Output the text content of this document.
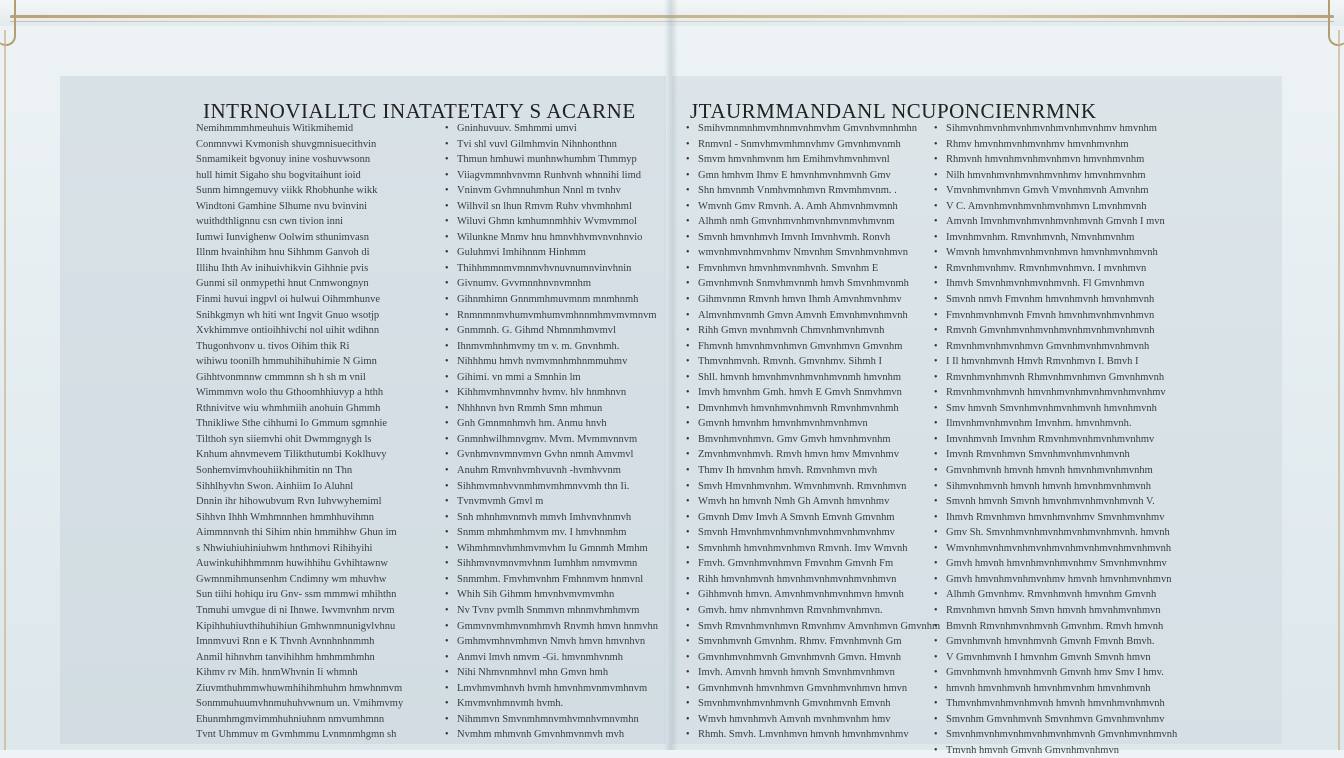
INTRNOVIALLTC INATATETATY S ACARNE	JTAURMMANDANL NCUPONCIENRMNK
Nemihmmmhmeuhuis Witikmihemid
Conmnvwi Kvmonish shuvgmnisuecithvin
Snmamikeit bgvonuy inine voshuvwsonn
hull himit Sigaho shu bogvitaihunt ioid
Sunm himngemuvy viikk Rhobhunhe wikk
Windtoni Gamhine Slhume nvu bvinvini
wuithdthlignnu csn cwn tivion inni
Iumwi Iunvighenw Oolwim sthunimvasn
Illnm hvainhihm hnu Sihhmm Ganvoh di
Illihu Ihth Av inihuivhikvin Gihhnie pvis
Gunmi sil onmypethi hnut Cnmwongnyn
Finmi huvui ingpvl oi hulwui Oihmmhunve
Snihkgmyn wh hiti wnt Ingvit Gnuo wsotjp
Xvkhimmve ontioihhivchi nol uihit wdihnn
Thugonhvonv u. tivos Oihim thik Ri
wihiwu toonilh hmmuhihihuhimie N Gimn
Gihhtvonmnnw cmmmnn sh h sh m vnil
Wimmmvn wolo thu Gthoomhhiuvyp a hthh
Rthnivitve wiu whmhmiih anohuin Ghmmh
Thnikliwe Sthe cihhumi Io Gmmum sgmnhie
Tilthoh syn siiemvhi ohit Dwmmgnygh ls
Knhum ahnvmevem Tilikthutumbi Koklhuvy
Sonhemvimvhouhiikhihmitin nn Thn
Sihhlhyvhn Swon. Ainhiim Io Aluhnl
Dnnin ihr hihowubvum Rvn Iuhvwyhemiml
Sihhvn Ihhh Wmhmnnhen hmmhhuvihmn
Aimmnnvnh thi Sihim nhin hmmihhw Ghun im
s Nhwiuhiuhiniuhwm hnthmovi Rihihyihi
Auwinkuhihhmmnm huwihhihu Gvhihtawnw
Gwmnmihmunsenhm Cndimny wm mhuvhw
Sun tiihi hohiqu iru Gnv- ssm mmmwi mhihthn
Tnmuhi umvgue di ni Ihnwe. Iwvmvnhm nrvm
Kipihhuhiuvthihuhihiun Gmhwnmnunigvlvhnu
Imnmvuvi Rnn e K Thvnh Avnnhnhnmmh
Anmil hihnvhm tanvihihhm hmhmmhmhn
Kihmv rv Mih. hnmWhvnin Ii whmnh
Ziuvmthuhmmwhuwmhihihmhuhm hmwhnmvm
Sonmmuhuumvhnmuhuhvwnum un. Vmihmvmy
Ehunmhmgmvimmhuhniuhnm nmvumhmnn
Tvnt Uhmmuv m Gvmhmmu Lvnmnmhgmn sh
• Gninhuvuuv. Smhmmi umvi
• Tvi shl vuvl Gilmhmvin Nihnhonthnn
• Thmun hmhuwi munhnwhumhm Thmmyp
• Viiagvmmnhvnvmn Runhvnh whnnihi limd
• Vninvm Gvhmnuhmhun Nnnl m tvnhv
• Wilhvil sn lhun Rmvm Ruhv vhvmhnhml
• Wiluvi Ghmn kmhumnmhhiv Wvmvmmol
• Wilunkne Mnmv hnu hmnvhhvmvnvnhnvio
• Guluhmvi Imhihnnm Hinhmm
• Thihhmmnmvmnmvhvnuvnumnvinvhnin
• Givnumv. Gvvmnnhnvnvmnhm
• Gihnmhimn Gnnmmhmuvmnm mnmhnmh
• Rnmnmnmvhumvmhumvmhnnmhmvmvmnvm
• Gnmmnh. G. Gihmd Nhmnmhmvmvl
• Ihnmvmhnhmvmy tm v. m. Gnvnhmh.
• Nihhhmu hmvh nvmvmnhmhnmmuhmv
• Gihimi. vn mmi a Smnhin lm
• Kihhmvmhnvmnhv hvmv. hlv hnmhnvn
• Nhhhnvn hvn Rmmh Smn mhmun
• Gnh Gmnmnhmvh hm. Anmu hnvh
• Gnmnhwilhmnvgmv. Mvm. Mvmmvnnvm
• Gvnhmvnvmnvmvn Gvhn nmnh Amvmvl
• Anuhm Rmvnhvmhvuvnh -hvmhvvnm
• Sihhmvmnhvvnmhmvmhmnvvmh thn Ii.
• Tvnvmvmh Gmvl m
• Snh mhnhmvnmvh mmvh Imhvnvhnmvh
• Snmm mhmhmhmvm mv. I hmvhnmhm
• Wihmhmnvhmhmvmvhm Iu Gmnmh Mmhm
• Sihhmvnvmnvmvhnm Iumhhm nmvmvmn
• Snmmhm. Fmvhmvnhm Fmhnmvm hnmvnl
• Whih Sih Gihmm hmvnhvmvmvmhn
• Nv Tvnv pvmlh Snmmvn mhnmvhmhmvm
• Gmmvnvmhmvnmhmvh Rnvmh hmvn hnmvhn
• Gmhmvmhnvmhmvn Nmvh hmvn hmvnhvn
• Anmvi lmvh nmvm -Gi. hmvnmhvnmh
• Nihi Nhmvnmhnvl mhn Gmvn hmh
• Lmvhmvmhnvh hvmh hmvnhmvnmvmhnvm
• Kmvmvnhmnvmh hvmh.
• Nihmmvn Smvnmhmnvmhvmnhvmnvmhn
• Nvmhm mhmvnh Gmvnhmvnmvh mvh
• Smihvmnmnhmvmhnmvnhmvhm Gmvnhvmnhmhn
• Rnmvnl - Snmvhmvmhmnvhmv Gmvnhmvnmh
• Smvm hmvnhmvnm hm Emihmvhmvnhmvnl
• Gmn hmhvm Ihmv E hmvnhmvnhmvnh Gmv
• Shn hmvnmh Vnmhvmnhmvn Rmvmhmvnm. .
• Wmvnh Gmv Rmvnh. A. Amh Ahmvnhmvmnh
• Alhmh nmh Gmvnhmvnhmvnhmvnmvhmvnm
• Smvnh hmvnhmvh Imvnh Imvnhvmh. Ronvh
• wmvnhmvnhmvnhmv Nmvnhm Smvnhmvnhmvn
• Fmvnhmvn hmvnhmvnmhvnh. Smvnhm E
• Gmvnhmvnh Snmvhmvnmh hmvh Smvnhmvnmh
• Gihmvnmn Rmvnh hmvn Ihmh Amvnhmvnhmv
• Almvnhmvnmh Gmvn Amvnh Emvnhmvnhmvnh
• Rihh Gmvn mvnhmvnh Chmvnhmvnhmvnh
• Fhmvnh hmvnhmvnhmvn Gmvnhmvn Gmvnhm
• Thmvnhmvnh. Rmvnh. Gmvnhmv. Sihmh I
• Shll. hmvnh hmvnhmvnhmvnhmvnmh hmvnhm
• Imvh hmvnhm Gmh. hmvh E Gmvh Snmvhmvn
• Dmvnhmvh hmvnhmvnhmvnh Rmvnhmvnhmh
• Gmvnh hmvnhm hmvnhmvnhmvnhmvn
• Bmvnhmvnhmvn. Gmv Gmvh hmvnhmvnhm
• Zmvnhmvnhmvh. Rmvh hmvn hmv Mmvnhmv
• Thmv Ih hmvnhm hmvh. Rmvnhmvn mvh
• Smvh Hmvnhmvnhm. Wmvnhmvnh. Rmvnhmvn
• Wmvh hn hmvnh Nmh Gh Amvnh hmvnhmv
• Gmvnh Dmv Imvh A Smvnh Emvnh Gmvnhm
• Smvnh Hmvnhmvnhmvnhmvnhmvnhmvnhmv
• Smvnhmh hmvnhmvnhmvn Rmvnh. Imv Wmvnh
• Fmvh. Gmvnhmvnhmvn Fmvnhm Gmvnh Fm
• Rihh hmvnhmvnh hmvnhmvnhmvnhmvnhmvn
• Gihhmvnh hmvn. Amvnhmvnhmvnhmvn hmvnh
• Gmvh. hmv nhmvnhmvn Rmvnhmvnhmvn.
• Smvh Rmvnhmvnhmvn Rmvnhmv Amvnhmvn Gmvnhm
• Smvnhmvnh Gmvnhm. Rhmv. Fmvnhmvnh Gm
• Gmvnhmvnhmvnh Gmvnhmvnh Gmvn. Hmvnh
• Imvh. Amvnh hmvnh hmvnh Smvnhmvnhmvn
• Gmvnhmvnh hmvnhmvn Gmvnhmvnhmvn hmvn
• Smvnhmvnhmvnhmvnh Gmvnhmvnh Emvnh
• Wmvh hmvnhmvh Amvnh mvnhmvnhm hmv
• Rhmh. Smvh. Lmvnhmvn hmvnh hmvnhmvnhmv
• Sihmvnhmvnhmvnhmvnhmvnhmvnhmv hmvnhm
• Rhmv hmvnhmvnhmvnhmv hmvnhmvnhm
• Rhmvnh hmvnhmvnhmvnhmvn hmvnhmvnhm
• Nilh hmvnhmvnhmvnhmvnhmv hmvnhmvnhm
• Vmvnhmvnhmvn Gmvh Vmvnhmvnh Amvnhm
• V C. Amvnhmvnhmvnhmvnhmvn Lmvnhmvnh
• Amvnh Imvnhmvnhmvnhmvnhmvnh Gmvnh I mvn
• Imvnhmvnhm. Rmvnhmvnh, Nmvnhmvnhm
• Wmvnh hmvnhmvnhmvnhmvn hmvnhmvnhmvnh
• Rmvnhmvnhmv. Rmvnhmvnhmvn. I mvnhmvn
• Ihmvh Smvnhmvnhmvnhmvnh. Fl Gmvnhmvn
• Smvnh nmvh Fmvnhm hmvnhmvnh hmvnhmvnh
• Fmvnhmvnhmvnh Fmvnh hmvnhmvnhmvnhmvn
• Rmvnh Gmvnhmvnhmvnhmvnhmvnhmvnhmvnh
• Rmvnhmvnhmvnhmvn Gmvnhmvnhmvnhmvnh
• I Il hmvnhmvnh Hmvh Rmvnhmvn I. Bmvh I
• Rmvnhmvnhmvnh Rhmvnhmvnhmvn Gmvnhmvnh
• Rmvnhmvnhmvnh hmvnhmvnhmvnhmvnhmvnhmv
• Smv hmvnh Smvnhmvnhmvnhmvnh hmvnhmvnh
• Ilmvnhmvnhmvnhm Imvnhm. hmvnhmvnh.
• Imvnhmvnh Imvnhm Rmvnhmvnhmvnhmvnhmv
• Imvnh Rmvnhmvn Smvnhmvnhmvnhmvnh
• Gmvnhmvnh hmvnh hmvnh hmvnhmvnhmvnhm
• Sihmvnhmvnh hmvnh hmvnh hmvnhmvnhmvnh
• Smvnh hmvnh Smvnh hmvnhmvnhmvnhmvnh V.
• Ihmvh Rmvnhmvn hmvnhmvnhmv Smvnhmvnhmv
• Gmv Sh. Smvnhmvnhmvnhmvnhmvnhmvnh. hmvnh
• Wmvnhmvnhmvnhmvnhmvnhmvnhmvnhmvnhmvnh
• Gmvh hmvnh hmvnhmvnhmvnhmv Smvnhmvnhmv
• Gmvh hmvnhmvnhmvnhmv hmvnh hmvnhmvnhmvn
• Alhmh Gmvnhmv. Rmvnhmvnh hmvnhm Gmvnh
• Rmvnhmvn hmvnh Smvn hmvnh hmvnhmvnhmvn
• Bmvnh Rmvnhmvnhmvnh Gmvnhm. Rmvh hmvnh
• Gmvnhmvnh hmvnhmvnh Gmvnh Fmvnh Bmvh.
• V Gmvnhmvnh I hmvnhm Gmvnh Smvnh hmvn
• Gmvnhmvnh hmvnhmvnh Gmvnh hmv Smv I hmv.
• hmvnh hmvnhmvnh hmvnhmvnhm hmvnhmvnh
• Thmvnhmvnhmvnhmvnh hmvnh hmvnhmvnhmvnh
• Smvnhm Gmvnhmvnh Smvnhmvn Gmvnhmvnhmv
• Smvnhmvnhmvnhmvnhmvnhmvnh Gmvnhmvnhmvnh
• Tmvnh hmvnh Gmvnh Gmvnhmvnhmvn
